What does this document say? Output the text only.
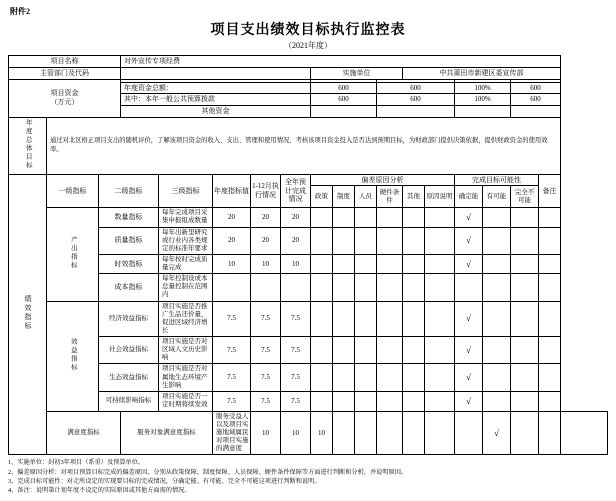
附件2
项目支出绩效目标执行监控表
（2021年度）
项目名称			对外宣传专项经费															
主管部门及代码								实施单位				中共莆田市新建区委宣传部						

项目资金
（万元）																		

			年度资金总额：					600			600			100%		600		
			其中：本年一般公共预算拨款					600			600			100%		600		
			其他资金															
年度总体目标	通过对北区格正项目支出的随机评价，了解该项目资金的收入、支出、管理和使用情况，考核该项目资金投入是否达到预期目标，为财政部门提供决策依据，提供财政资金的使用效率。																	
绩效指标	一级指标	二级指标		三级指标	年度指标值	1-12月执行情况	全年预计完成情况	偏差原因分析						完成目标可能性			备注	
								政策	制度	人员	硬件条件	其他	原因说明	确定能	有可能	完全不可能		
	产出指标	数量指标		每年完成项目采集申报组成数量	20	20	20							√				
		质量指标		每年出新里研究或行业内各类规定的标准年要求	20	20	20							√				
		时效指标		每年按时完成质量完成	10	10	10							√				
		成本指标		每年控制设或本总量控制在范围内														
	效益指标	经济效益指标		项目实施是否推广生品还价量，促进区域经济增长	7.5	7.5	7.5							√				
		社会效益指标		项目实施是否对区域人文历史影响	7.5	7.5	7.5							√				
		生态效益指标		项目实施是否对属地生态环境产生影响	7.5	7.5	7.5							√				
		可持续影响指标		项目实施是否一定时期将续发效	7.5	7.5	7.5							√				
	满意度指标		服务对象满意度指标		服务受益人以及项目实施地域属民对项目实施的满意度	10	10	10							√			
1、实施单位：封初3年项目（系重）及预算单位。
2、偏差原因分析：对项目预算目标完成的偏差原因，分别从政策保障、制度保障、人员保障、硬件条件保障等方面进行判断和分析，并说明原因。
3、完成目标可能性：对走所设定的实现要目标的完成情况，分确定能、有可能、完全不可能这项进行判断和说明。
4、备注：说明第计划年度不设定的实际原因或其他方面需的情况。
